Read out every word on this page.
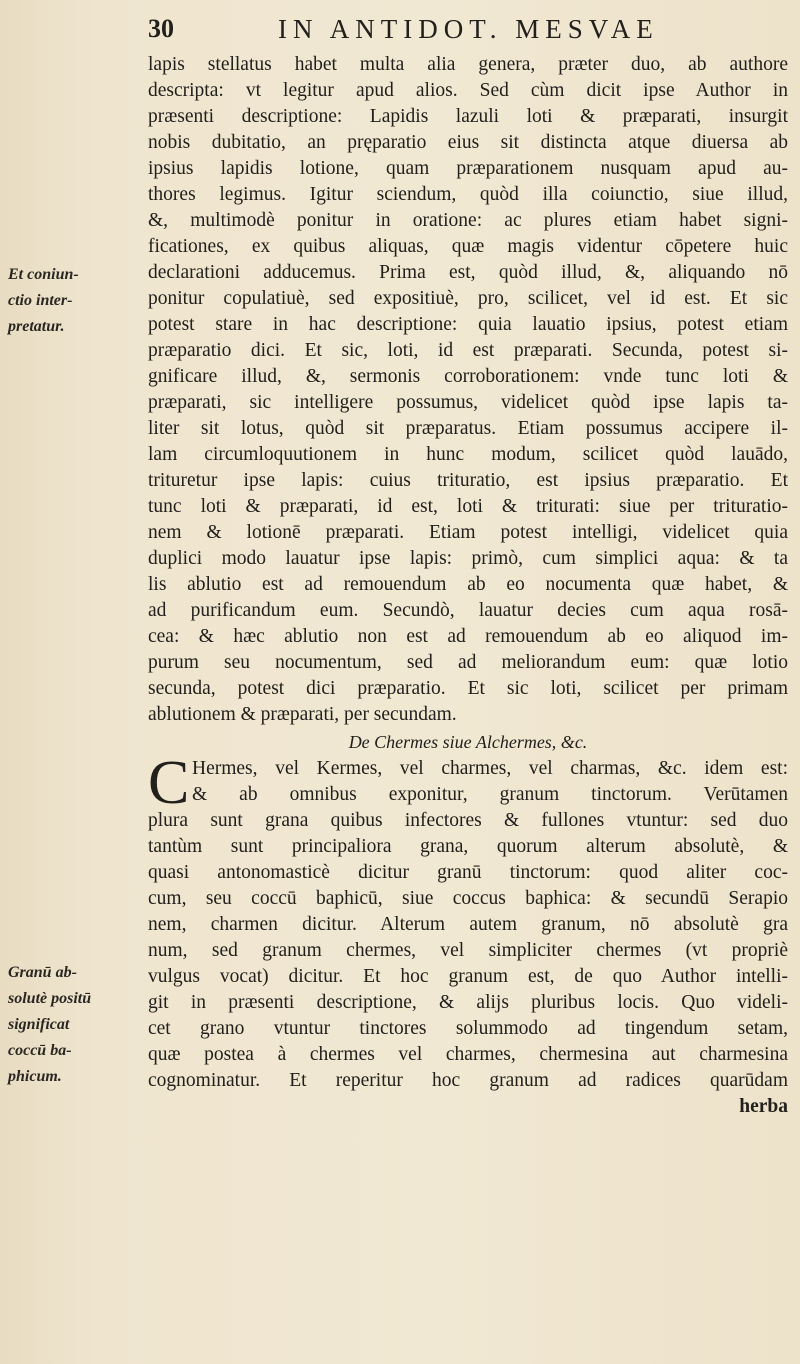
30	IN ANTIDOT. MESVAE
Et coniun-
ctio inter-
pretatur.
Granū ab-
solutè positū
significat
coccū ba-
phicum.
lapis stellatus habet multa alia genera, præter duo, ab authore
descripta: vt legitur apud alios. Sed cùm dicit ipse Author in
præsenti descriptione: Lapidis lazuli loti & præparati, insurgit
nobis dubitatio, an pręparatio eius sit distincta atque diuersa ab
ipsius lapidis lotione, quam præparationem nusquam apud au-
thores legimus. Igitur sciendum, quòd illa coiunctio, siue illud,
&, multimodè ponitur in oratione: ac plures etiam habet signi-
ficationes, ex quibus aliquas, quæ magis videntur cōpetere huic
declarationi adducemus. Prima est, quòd illud, &, aliquando nō
ponitur copulatiuè, sed expositiuè, pro, scilicet, vel id est. Et sic
potest stare in hac descriptione: quia lauatio ipsius, potest etiam
præparatio dici. Et sic, loti, id est præparati. Secunda, potest si-
gnificare illud, &, sermonis corroborationem: vnde tunc loti &
præparati, sic intelligere possumus, videlicet quòd ipse lapis ta-
liter sit lotus, quòd sit præparatus. Etiam possumus accipere il-
lam circumloquutionem in hunc modum, scilicet quòd lauādo,
trituretur ipse lapis: cuius trituratio, est ipsius præparatio. Et
tunc loti & præparati, id est, loti & triturati: siue per trituratio-
nem & lotionē præparati. Etiam potest intelligi, videlicet quia
duplici modo lauatur ipse lapis: primò, cum simplici aqua: & ta
lis ablutio est ad remouendum ab eo nocumenta quæ habet, &
ad purificandum eum. Secundò, lauatur decies cum aqua rosā-
cea: & hæc ablutio non est ad remouendum ab eo aliquod im-
purum seu nocumentum, sed ad meliorandum eum: quæ lotio
secunda, potest dici præparatio. Et sic loti, scilicet per primam
ablutionem & præparati, per secundam.
De Chermes siue Alchermes, &c.
C Hermes, vel Kermes, vel charmes, vel charmas, &c. idem est:
& ab omnibus exponitur, granum tinctorum. Verūtamen
plura sunt grana quibus infectores & fullones vtuntur: sed duo
tantùm sunt principaliora grana, quorum alterum absolutè, &
quasi antonomasticè dicitur granū tinctorum: quod aliter coc-
cum, seu coccū baphicū, siue coccus baphica: & secundū Serapio
nem, charmen dicitur. Alterum autem granum, nō absolutè gra
num, sed granum chermes, vel simpliciter chermes (vt propriè
vulgus vocat) dicitur. Et hoc granum est, de quo Author intelli-
git in præsenti descriptione, & alijs pluribus locis. Quo videli-
cet grano vtuntur tinctores solummodo ad tingendum setam,
quæ postea à chermes vel charmes, chermesina aut charmesina
cognominatur. Et reperitur hoc granum ad radices quarūdam
herba
